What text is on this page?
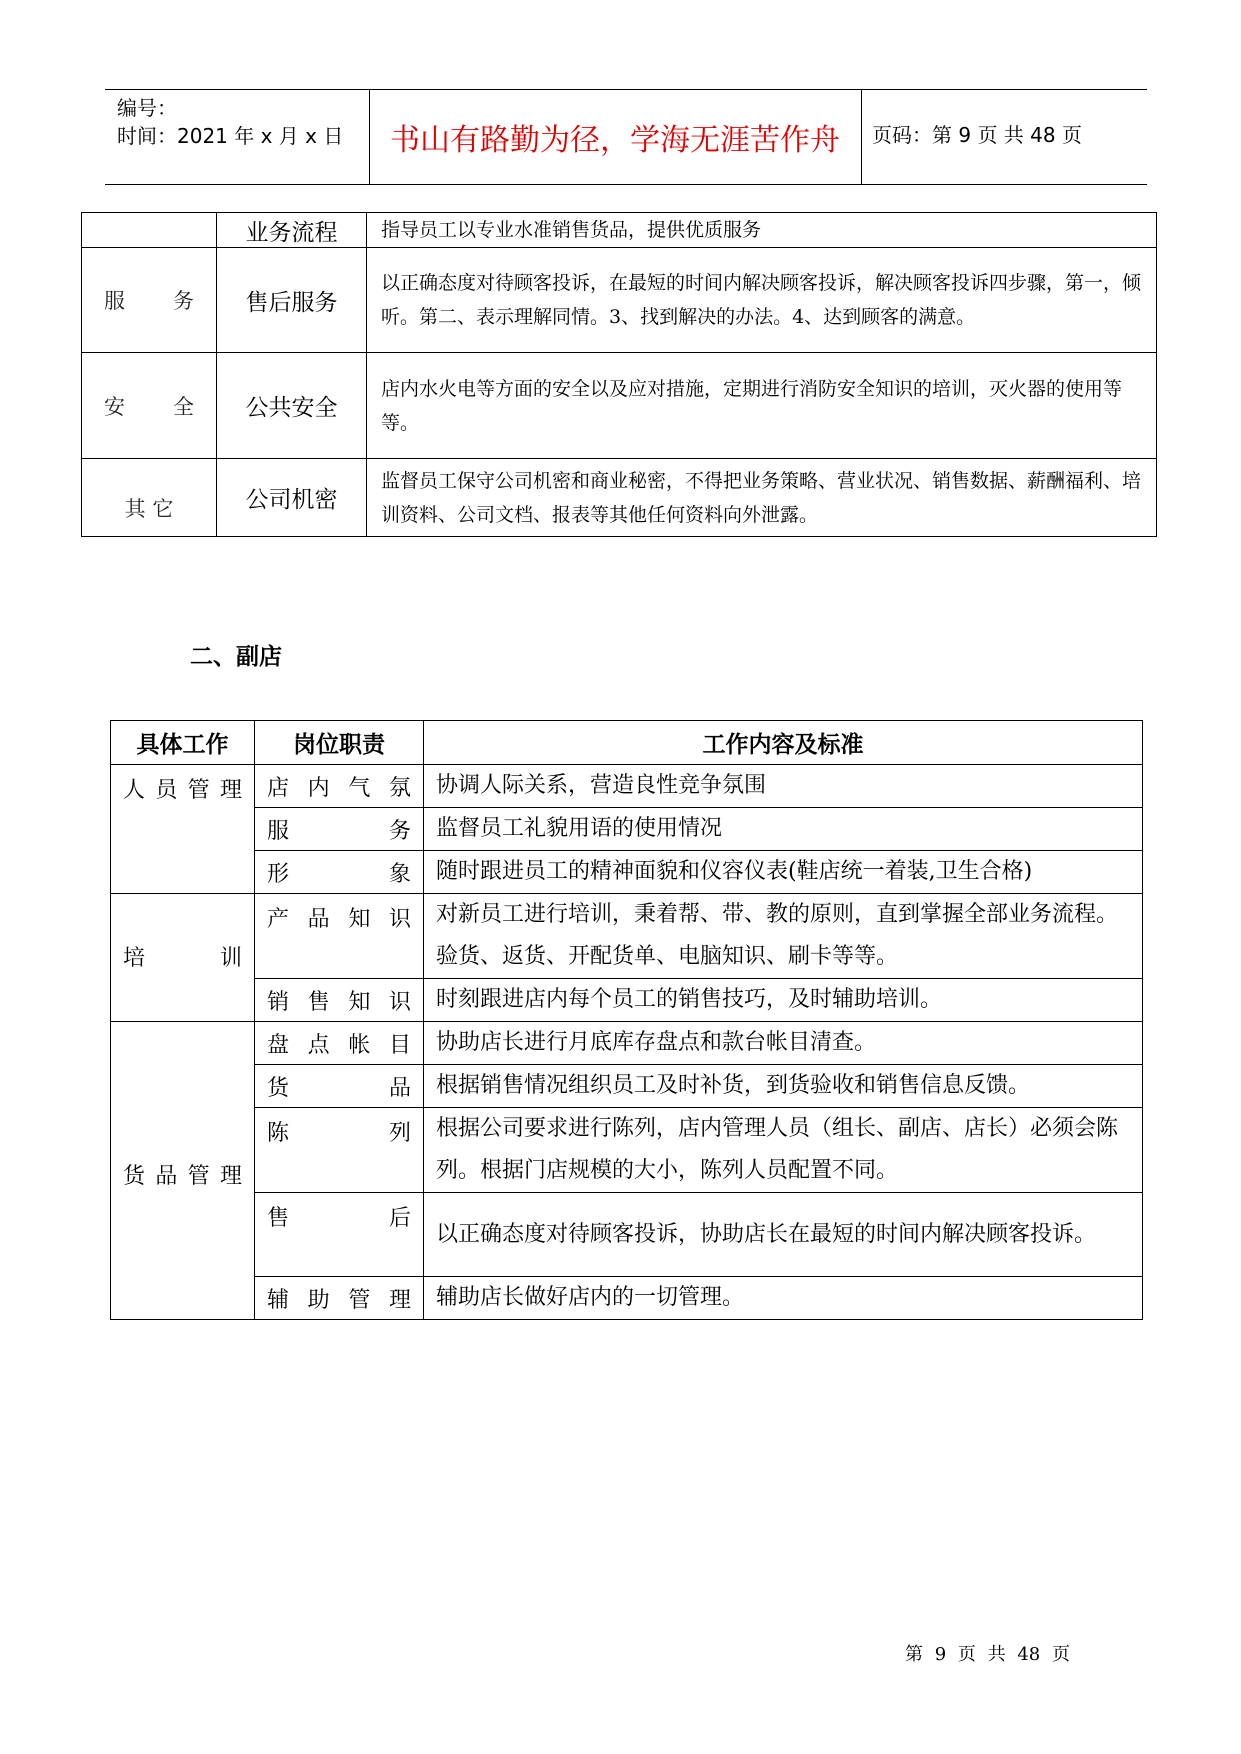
编号：
时间：2021 年 x 月 x 日	书山有路勤为径，学海无涯苦作舟	页码：第 9 页 共 48 页
	业务流程	指导员工以专业水准销售货品，提供优质服务

服 务	售后服务	以正确态度对待顾客投诉，在最短的时间内解决顾客投诉，解决顾客投诉四步骤，第一，倾听。第二、表示理解同情。3、找到解决的办法。4、达到顾客的满意。

安 全	公共安全	店内水火电等方面的安全以及应对措施，定期进行消防安全知识的培训，灭火器的使用等等。
其 它	公司机密	监督员工保守公司机密和商业秘密，不得把业务策略、营业状况、销售数据、薪酬福利、培训资料、公司文档、报表等其他任何资料向外泄露。
二、副店
具体工作	岗位职责	工作内容及标准

人 员 管 理	店 内 气 氛	协调人际关系，营造良性竞争氛围

	服 务	监督员工礼貌用语的使用情况

	形 象	随时跟进员工的精神面貌和仪容仪表(鞋店统一着装,卫生合格)

培 训	产 品 知 识	对新员工进行培训，秉着帮、带、教的原则，直到掌握全部业务流程。验货、返货、开配货单、电脑知识、刷卡等等。

	销 售 知 识	时刻跟进店内每个员工的销售技巧，及时辅助培训。

货 品 管 理	盘 点 帐 目	协助店长进行月底库存盘点和款台帐目清查。

	货 品	根据销售情况组织员工及时补货，到货验收和销售信息反馈。

	陈 列	根据公司要求进行陈列，店内管理人员（组长、副店、店长）必须会陈列。根据门店规模的大小，陈列人员配置不同。

	售 后	以正确态度对待顾客投诉，协助店长在最短的时间内解决顾客投诉。

	辅 助 管 理	辅助店长做好店内的一切管理。
第 9 页 共 48 页
